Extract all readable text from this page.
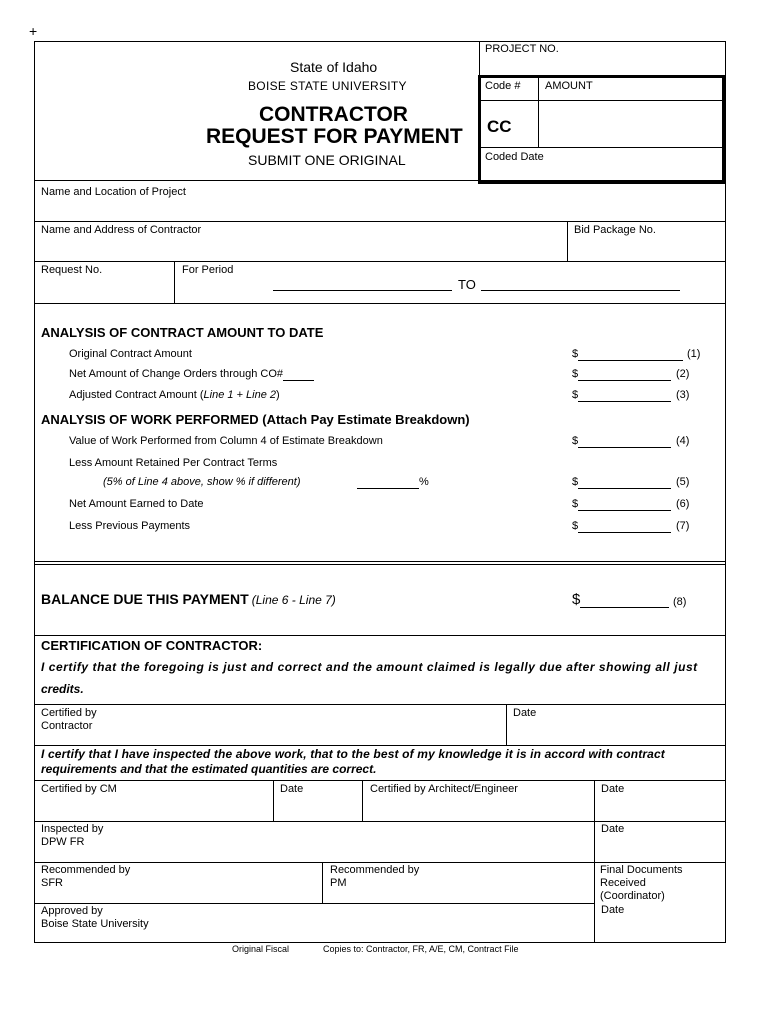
+
PROJECT NO.
State of Idaho
BOISE STATE UNIVERSITY
CONTRACTOR
REQUEST FOR PAYMENT
SUBMIT ONE ORIGINAL
Code # AMOUNT
CC
Coded Date
Name and Location of Project
Name and Address of Contractor	Bid Package No.
Request No.	For Period
TO
ANALYSIS OF CONTRACT AMOUNT TO DATE
Original Contract Amount	$	(1)
Net Amount of Change Orders through CO#	$	(2)
Adjusted Contract Amount (Line 1 + Line 2)	$	(3)
ANALYSIS OF WORK PERFORMED (Attach Pay Estimate Breakdown)
Value of Work Performed from Column 4 of Estimate Breakdown	$	(4)
Less Amount Retained Per Contract Terms
(5% of Line 4 above, show % if different)	%	$	(5)
Net Amount Earned to Date	$	(6)
Less Previous Payments	$	(7)
BALANCE DUE THIS PAYMENT (Line 6 - Line 7)	$	(8)
CERTIFICATION OF CONTRACTOR:
I certify that the foregoing is just and correct and the amount claimed is legally due after showing all just
credits.
Certified by
Contractor
Date
I certify that I have inspected the above work, that to the best of my knowledge it is in accord with contract
requirements and that the estimated quantities are correct.
Certified by CM	Date	Certified by Architect/Engineer	Date
Inspected by
DPW FR
Date
Recommended by
SFR
Recommended by
PM
Final Documents
Received
(Coordinator)
Date
Approved by
Boise State University
Original Fiscal	Copies to: Contractor, FR, A/E, CM, Contract File
